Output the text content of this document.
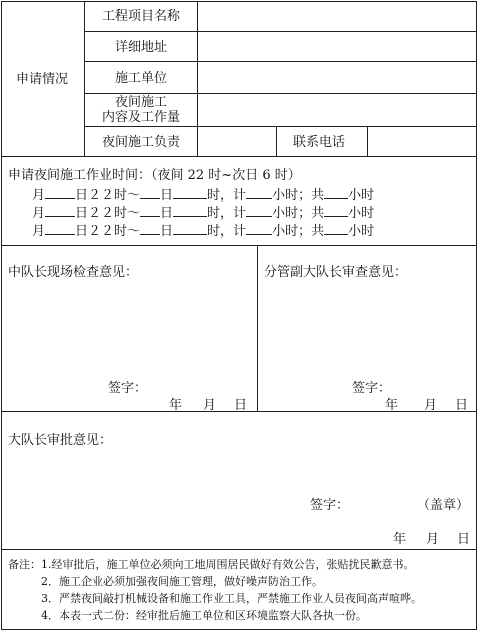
申请情况
工程项目名称
详细地址
施工单位
夜间施工
内容及工作量
夜间施工负责	联系电话
申请夜间施工作业时间：（夜间 22 时~次日 6 时）
月 日２２时～ 日	时，计 小时；共 小时
月 日２２时～ 日	时，计 小时；共 小时
月 日２２时～ 日	时，计 小时；共 小时
中队长现场检查意见：
签字：
年 月 日
分管副大队长审查意见：
签字：
年 月 日
大队长审批意见：
签字：	（盖章）
年 月 日
备注：1.经审批后，施工单位必须向工地周围居民做好有效公告，张贴扰民歉意书。
2．施工企业必须加强夜间施工管理，做好噪声防治工作。
3．严禁夜间敲打机械设备和施工作业工具，严禁施工作业人员夜间高声喧哗。
4．本表一式二份：经审批后施工单位和区环境监察大队各执一份。
